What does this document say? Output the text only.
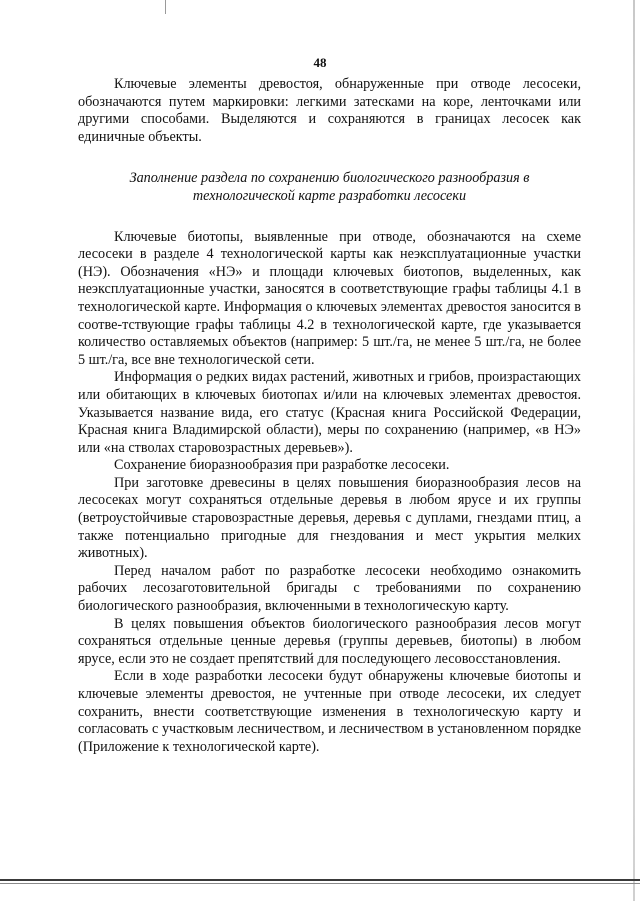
48

Ключевые элементы древостоя, обнаруженные при отводе лесосеки, обозначаются путем маркировки: легкими затесками на коре, ленточками или другими способами. Выделяются и сохраняются в границах лесосек как единичные объекты.

Заполнение раздела по сохранению биологического разнообразия в технологической карте разработки лесосеки

Ключевые биотопы, выявленные при отводе, обозначаются на схеме лесосеки в разделе 4 технологической карты как неэксплуатационные участки (НЭ). Обозначения «НЭ» и площади ключевых биотопов, выделенных, как неэксплуатационные участки, заносятся в соответствующие графы таблицы 4.1 в технологической карте. Информация о ключевых элементах древостоя заносится в соотве-тствующие графы таблицы 4.2 в технологической карте, где указывается количество оставляемых объектов (например: 5 шт./га, не менее 5 шт./га, не более 5 шт./га, все вне технологической сети.

Информация о редких видах растений, животных и грибов, произрастающих или обитающих в ключевых биотопах и/или на ключевых элементах древостоя. Указывается название вида, его статус (Красная книга Российской Федерации, Красная книга Владимирской области), меры по сохранению (например, «в НЭ» или «на стволах старовозрастных деревьев»).

Сохранение биоразнообразия при разработке лесосеки.

При заготовке древесины в целях повышения биоразнообразия лесов на лесосеках могут сохраняться отдельные деревья в любом ярусе и их группы (ветроустойчивые старовозрастные деревья, деревья с дуплами, гнездами птиц, а также потенциально пригодные для гнездования и мест укрытия мелких животных).

Перед началом работ по разработке лесосеки необходимо ознакомить рабочих лесозаготовительной бригады с требованиями по сохранению биологического разнообразия, включенными в технологическую карту.

В целях повышения объектов биологического разнообразия лесов могут сохраняться отдельные ценные деревья (группы деревьев, биотопы) в любом ярусе, если это не создает препятствий для последующего лесовосстановления.

Если в ходе разработки лесосеки будут обнаружены ключевые биотопы и ключевые элементы древостоя, не учтенные при отводе лесосеки, их следует сохранить, внести соответствующие изменения в технологическую карту и согласовать с участковым лесничеством, и лесничеством в установленном порядке (Приложение к технологической карте).
